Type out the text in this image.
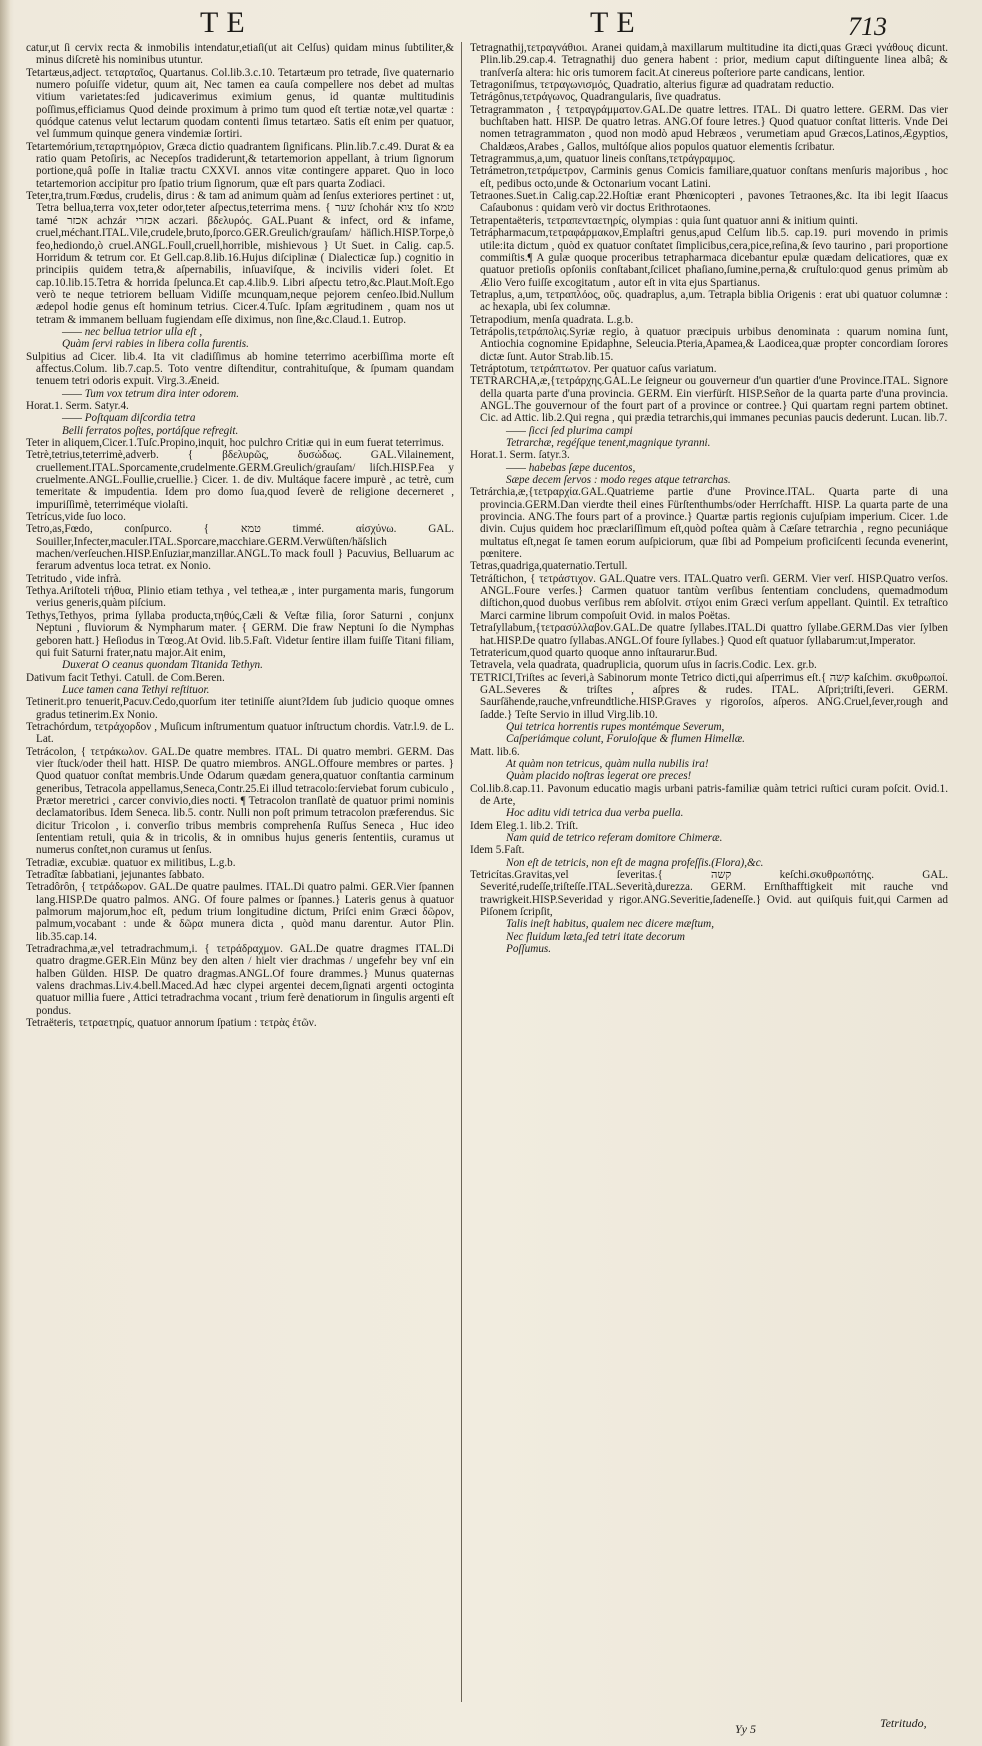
TE	TE	713
catur,ut ſi cervix recta & inmobilis intendatur,etiaſi(ut ait Celſus) quidam minus ſubtiliter,& minus diſcretè his nominibus utuntur.
Tetartæus,adject. τεταρταῖος, Quartanus. Col.lib.3.c.10. Tetartæum pro tetrade, ſive quaternario numero poſuiſſe videtur, quum ait, Nec tamen ea cauſa compellere nos debet ad multas vitium varietates:ſed judicaverimus eximium genus, id quantæ multitudinis poſſimus,efficiamus Quod deinde proximum à primo tum quod eſt tertiæ notæ,vel quartæ : quódque catenus velut lectarum quodam contenti ſimus tetartæo. Satis eſt enim per quatuor, vel ſummum quinque genera vindemiæ ſortiri.
Tetartemórium,τεταρτημόριον, Græca dictio quadrantem ſignificans. Plin.lib.7.c.49. Durat & ea ratio quam Petoſiris, ac Necepſos tradiderunt,& tetartemorion appellant, à trium ſignorum portione,quâ poſſe in Italiæ tractu CXXVI. annos vitæ contingere apparet. Quo in loco tetartemorion accipitur pro ſpatio trium ſignorum, quæ eſt pars quarta Zodiaci.
Teter,tra,trum.Fœdus, crudelis, dirus : & tam ad animum quàm ad ſenſus exteriores pertinet : ut, Tetra bellua,terra vox,teter odor,teter aſpectus,teterrima mens. { שער ſchohár צוא tſo טמא tamé אכזר achzár אכזרי aczari. βδελυρός. GAL.Puant & infect, ord & infame, cruel,méchant.ITAL.Vile,crudele,bruto,ſporco.GER.Greulich/grauſam/ häſlich.HISP.Torpe,ò feo,hediondo,ò cruel.ANGL.Foull,cruell,horrible, mishievous } Ut Suet. in Calig. cap.5. Horridum & tetrum cor. Et Gell.cap.8.lib.16.Hujus diſciplinæ ( Dialecticæ ſup.) cognitio in principiis quidem tetra,& aſpernabilis, inſuaviſque, & incivilis videri ſolet. Et cap.10.lib.15.Tetra & horrida ſpelunca.Et cap.4.lib.9. Libri aſpectu tetro,&c.Plaut.Moſt.Ego verò te neque tetriorem belluam Vidiſſe mcunquam,neque pejorem cenſeo.Ibid.Nullum ædepol hodie genus eſt hominum tetrius. Cicer.4.Tuſc. Ipſam ægritudinem , quam nos ut tetram & immanem belluam fugiendam eſſe diximus, non ſine,&c.Claud.1. Eutrop.
—— nec bellua tetrior ulla eſt ,
Quàm ſervi rabies in libera colla furentis.
Sulpitius ad Cicer. lib.4. Ita vit cladiſſimus ab homine teterrimo acerbiſſima morte eſt affectus.Colum. lib.7.cap.5. Toto ventre diſtenditur, contrahituſque, & ſpumam quandam tenuem tetri odoris expuit. Virg.3.Æneid.
—— Tum vox tetrum dira inter odorem.
Horat.1. Serm. Satyr.4.
—— Poſtquam diſcordia tetra
Belli ferratos poſtes, portáſque refregit.
Teter in aliquem,Cicer.1.Tuſc.Propino,inquit, hoc pulchro Critiæ qui in eum fuerat teterrimus.
Tetrè,tetrius,teterrimè,adverb. { βδελυρῶς, δυσώδως. GAL.Vilainement, cruellement.ITAL.Sporcamente,crudelmente.GERM.Greulich/grauſam/ liſch.HISP.Fea y cruelmente.ANGL.Foullie,cruellie.} Cicer. 1. de div. Multáque facere impurè , ac tetrè, cum temeritate & impudentia. Idem pro domo ſua,quod ſeverè de religione decerneret , impuriſſimè, teterriméque violaſti.
Tetrícus,vide ſuo loco.
Tetro,as,Fœdo, conſpurco. { טמא timmé. αἰσχύνω. GAL. Souiller,Infecter,maculer.ITAL.Sporcare,macchiare.GERM.Verwüſten/häſslich machen/verſeuchen.HISP.Enſuziar,manzillar.ANGL.To mack foull } Pacuvius, Belluarum ac ferarum adventus loca tetrat. ex Nonio.
Tetritudo , vide infrà.
Tethya.Ariſtoteli τήθυα, Plinio etiam tethya , vel tethea,æ , inter purgamenta maris, fungorum verius generis,quàm piſcium.
Tethys,Tethyos, prima ſyllaba producta,τηθύς,Cæli & Veſtæ filia, ſoror Saturni , conjunx Neptuni , fluviorum & Nympharum mater. { GERM. Die fraw Neptuni ſo die Nymphas geboren hatt.} Heſiodus in Tœog.At Ovid. lib.5.Faſt. Videtur ſentire illam fuiſſe Titani filiam, qui fuit Saturni frater,natu major.Ait enim,
Duxerat O ceanus quondam Titanida Tethyn.
Dativum facit Tethyi. Catull. de Com.Beren.
Luce tamen cana Tethyi reſtituor.
Tetinerit.pro tenuerit,Pacuv.Cedo,quorſum iter tetiniſſe aiunt?Idem ſub judicio quoque omnes gradus tetinerim.Ex Nonio.
Tetrachórdum, τετράχορδον , Muſicum inſtrumentum quatuor inſtructum chordis. Vatr.l.9. de L. Lat.
Tetrácolon, { τετράκωλον. GAL.De quatre membres. ITAL. Di quatro membri. GERM. Das vier ſtuck/oder theil hatt. HISP. De quatro miembros. ANGL.Offoure membres or partes. } Quod quatuor conſtat membris.Unde Odarum quædam genera,quatuor conſtantia carminum generibus, Tetracola appellamus,Seneca,Contr.25.Ei illud tetracolo:ſerviebat forum cubiculo , Prætor meretrici , carcer convivio,dies nocti. ¶ Tetracolon tranſlatè de quatuor primi nominis declamatoribus. Idem Seneca. lib.5. contr. Nulli non poſt primum tetracolon præferendus. Sic dicitur Tricolon , i. converſio tribus membris comprehenſa Ruſſus Seneca , Huc ideo ſententiam retuli, quia & in tricolis, & in omnibus hujus generis ſententiis, curamus ut numerus conſtet,non curamus ut ſenſus.
Tetradiæ, excubiæ. quatuor ex militibus, L.g.b.
Tetradîtæ ſabbatiani, jejunantes ſabbato.
Tetradôrôn, { τετράδωρον. GAL.De quatre paulmes. ITAL.Di quatro palmi. GER.Vier ſpannen lang.HISP.De quatro palmos. ANG. Of foure palmes or ſpannes.} Lateris genus à quatuor palmorum majorum,hoc eſt, pedum trium longitudine dictum, Priſci enim Græci δῶρον, palmum,vocabant : unde & δῶρα munera dicta , quòd manu darentur. Autor Plin. lib.35.cap.14.
Tetradrachma,æ,vel tetradrachmum,i. { τετράδραχμον. GAL.De quatre dragmes ITAL.Di quatro dragme.GER.Ein Münz bey den alten / hielt vier drachmas / ungefehr bey vnſ ein halben Gülden. HISP. De quatro dragmas.ANGL.Of foure drammes.} Munus quaternas valens drachmas.Liv.4.bell.Maced.Ad hæc clypei argentei decem,ſignati argenti octoginta quatuor millia fuere , Attici tetradrachma vocant , trium ferè denatiorum in ſingulis argenti eſt pondus.
Tetraëteris, τετραετηρίς, quatuor annorum ſpatium : τετρὰς ἐτῶν.
Tetragnathij,τετραγνάθιοι. Aranei quidam,à maxillarum multitudine ita dicti,quas Græci γνάθους dicunt. Plin.lib.29.cap.4. Tetragnathij duo genera habent : prior, medium caput diſtinguente linea albâ; & tranſverſa altera: hic oris tumorem facit.At cinereus poſteriore parte candicans, lentior.
Tetragoniſmus, τετραγωνισμός, Quadratio, alterius figuræ ad quadratam reductio.
Tetrágônus,τετράγωνος, Quadrangularis, ſive quadratus.
Tetragrammaton , { τετραγράμματον.GAL.De quatre lettres. ITAL. Di quatro lettere. GERM. Das vier buchſtaben hatt. HISP. De quatro letras. ANG.Of foure letres.} Quod quatuor conſtat litteris. Vnde Dei nomen tetragrammaton , quod non modò apud Hebræos , verumetiam apud Græcos,Latinos,Ægyptios, Chaldæos,Arabes , Gallos, multóſque alios populos quatuor elementis ſcribatur.
Tetragrammus,a,um, quatuor lineis conſtans,τετράγραμμος.
Tetrámetron,τετράμετρον, Carminis genus Comicis familiare,quatuor conſtans menſuris majoribus , hoc eſt, pedibus octo,unde & Octonarium vocant Latini.
Tetraones.Suet.in Calig.cap.22.Hoſtiæ erant Phœnicopteri , pavones Tetraones,&c. Ita ibi legit Iſaacus Caſaubonus : quidam verò vir doctus Erithrotaones.
Tetrapentaëteris, τετραπενταετηρίς, olympias : quia ſunt quatuor anni & initium quinti.
Tetrápharmacum,τετραφάρμακον,Emplaſtri genus,apud Celſum lib.5. cap.19. puri movendo in primis utile:ita dictum , quòd ex quatuor conſtatet ſimplicibus,cera,pice,reſina,& ſevo taurino , pari proportione commiſtis.¶ A gulæ quoque proceribus tetrapharmaca dicebantur epulæ quædam delicatiores, quæ ex quatuor pretioſis opſoniis conſtabant,ſcilicet phaſiano,ſumine,perna,& cruſtulo:quod genus primùm ab Ælio Vero fuiſſe excogitatum , autor eſt in vita ejus Spartianus.
Tetraplus, a,um, τετραπλόος, οῦς. quadraplus, a,um. Tetrapla biblia Origenis : erat ubi quatuor columnæ : ac hexapla, ubi ſex columnæ.
Tetrapodium, menſa quadrata. L.g.b.
Tetrápolis,τετράπολις.Syriæ regio, à quatuor præcipuis urbibus denominata : quarum nomina ſunt, Antiochia cognomine Epidaphne, Seleucia.Pteria,Apamea,& Laodicea,quæ propter concordiam ſorores dictæ ſunt. Autor Strab.lib.15.
Tetráptotum, τετράπτωτον. Per quatuor caſus variatum.
TETRARCHA,æ,{τετράρχης.GAL.Le ſeigneur ou gouverneur d'un quartier d'une Province.ITAL. Signore della quarta parte d'una provincia. GERM. Ein vierfürſt. HISP.Señor de la quarta parte d'una provincia. ANGL.The gouvernour of the fourt part of a province or contree.} Qui quartam regni partem obtinet. Cic. ad Attic. lib.2.Qui regna , qui prædia tetrarchis,qui immanes pecunias paucis dederunt. Lucan. lib.7.
—— ſicci ſed plurima campi
Tetrarchæ, regéſque tenent,magnique tyranni.
Horat.1. Serm. ſatyr.3.
—— habebas ſæpe ducentos,
Sæpe decem ſervos : modo reges atque tetrarchas.
Tetrárchia,æ,{τετραρχία.GAL.Quatrieme partie d'une Province.ITAL. Quarta parte di una provincia.GERM.Dan vierdte theil eines Fürſtenthumbs/oder Herrſchafft. HISP. La quarta parte de una provincia. ANG.The fours part of a province.} Quartæ partis regionis cujuſpiam imperium. Cicer. 1.de divin. Cujus quidem hoc præclariſſimum eſt,quòd poſtea quàm à Cæſare tetrarchia , regno pecuniáque multatus eſt,negat ſe tamen eorum auſpiciorum, quæ ſibi ad Pompeium proficiſcenti ſecunda evenerint, pœnitere.
Tetras,quadriga,quaternatio.Tertull.
Tetráſtichon, { τετράστιχον. GAL.Quatre vers. ITAL.Quatro verſi. GERM. Vier verſ. HISP.Quatro verſos. ANGL.Foure verſes.} Carmen quatuor tantùm verſibus ſententiam concludens, quemadmodum diſtichon,quod duobus verſibus rem abſolvit. στίχοι enim Græci verſum appellant. Quintil. Ex tetraſtico Marci carmine librum compoſuit Ovid. in malos Poëtas.
Tetraſyllabum,{τετρασύλλαβον.GAL.De quatre ſyllabes.ITAL.Di quattro ſyllabe.GERM.Das vier ſylben hat.HISP.De quatro ſyllabas.ANGL.Of foure ſyllabes.} Quod eſt quatuor ſyllabarum:ut,Imperator.
Tetratericum,quod quarto quoque anno inſtaurarur.Bud.
Tetravela, vela quadrata, quadruplicia, quorum uſus in ſacris.Codic. Lex. gr.b.
TETRICI,Triſtes ac ſeveri,à Sabinorum monte Tetrico dicti,qui aſperrimus eſt.{ קשה kaſchim. σκυθρωποί. GAL.Severes & triſtes , aſpres & rudes. ITAL. Aſpri;triſti,ſeveri. GERM. Saurſähende,rauche,vnfreundtliche.HISP.Graves y rigoroſos, aſperos. ANG.Cruel,ſever,rough and ſadde.} Teſte Servio in illud Virg.lib.10.
Qui tetrica horrentis rupes montémque Severum,
Caſperiámque colunt, Foruloſque & flumen Himellæ.
Matt. lib.6.
At quàm non tetricus, quàm nulla nubilis ira!
Quàm placido noſtras legerat ore preces!
Col.lib.8.cap.11. Pavonum educatio magis urbani patris-familiæ quàm tetrici ruſtici curam poſcit. Ovid.1. de Arte,
Hoc aditu vidi tetrica dua verba puella.
Idem Eleg.1. lib.2. Triſt.
Nam quid de tetrico referam domitore Chimeræ.
Idem 5.Faſt.
Non eſt de tetricis, non eſt de magna profeſſis.(Flora),&c.
Tetricítas.Gravitas,vel ſeveritas.{ קשה keſchi.σκυθρωπότης. GAL. Severité,rudeſſe,triſteſſe.ITAL.Severità,durezza. GERM. Ernſthafftigkeit mit rauche vnd trawrigkeit.HISP.Severidad y rigor.ANG.Severitie,ſadeneſſe.} Ovid. aut quiſquis fuit,qui Carmen ad Piſonem ſcripſit,
Talis ineſt habitus, qualem nec dicere mæſtum,
Nec fluidum læta,ſed tetri itate decorum
Poſſumus.
Yy 5	Tetritudo,
